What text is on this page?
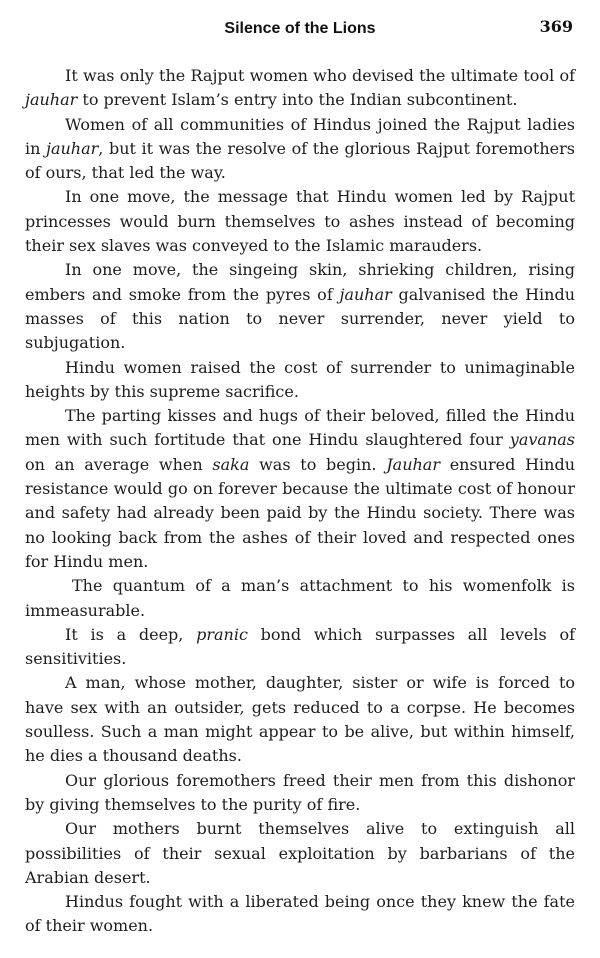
Silence of the Lions	369

It was only the Rajput women who devised the ultimate tool of jauhar to prevent Islam’s entry into the Indian subcontinent.

Women of all communities of Hindus joined the Rajput ladies in jauhar, but it was the resolve of the glorious Rajput foremothers of ours, that led the way.

In one move, the message that Hindu women led by Rajput princesses would burn themselves to ashes instead of becoming their sex slaves was conveyed to the Islamic marauders.

In one move, the singeing skin, shrieking children, rising embers and smoke from the pyres of jauhar galvanised the Hindu masses of this nation to never surrender, never yield to subjugation.

Hindu women raised the cost of surrender to unimaginable heights by this supreme sacrifice.

The parting kisses and hugs of their beloved, filled the Hindu men with such fortitude that one Hindu slaughtered four yavanas on an average when saka was to begin. Jauhar ensured Hindu resistance would go on forever because the ultimate cost of honour and safety had already been paid by the Hindu society. There was no looking back from the ashes of their loved and respected ones for Hindu men.

The quantum of a man’s attachment to his womenfolk is immeasurable.

It is a deep, pranic bond which surpasses all levels of sensitivities.

A man, whose mother, daughter, sister or wife is forced to have sex with an outsider, gets reduced to a corpse. He becomes soulless. Such a man might appear to be alive, but within himself, he dies a thousand deaths.

Our glorious foremothers freed their men from this dishonor by giving themselves to the purity of fire.

Our mothers burnt themselves alive to extinguish all possibilities of their sexual exploitation by barbarians of the Arabian desert.

Hindus fought with a liberated being once they knew the fate of their women.
